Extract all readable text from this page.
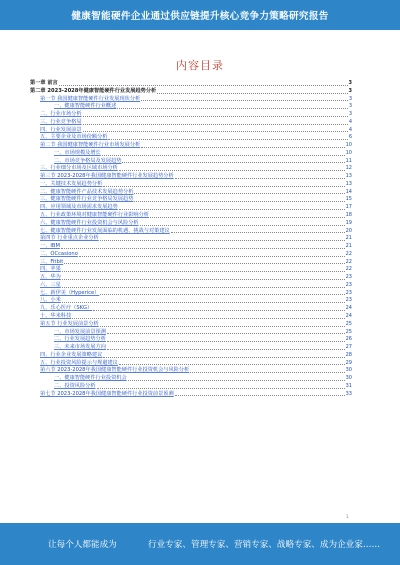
健康智能硬件企业通过供应链提升核心竞争力策略研究报告
内容目录
第一章 前言	3
第二章 2023-2028年健康智能硬件行业发展趋势分析	3
第一节 我国健康智能硬件行业发展现状分析	3
一、健康智能硬件行业概述	3
二、行业市场分析	3
三、行业竞争格局	4
四、行业发展前景	4
五、主要企业及市场份额分析	6
第二节 我国健康智能硬件行业市场发展分析	10
一、市场规模及增长	10
二、市场竞争格局及发展趋势	11
三、行业细分市场及区域市场分析	12
第三节 2023-2028年我国健康智能硬件行业发展趋势分析	13
一、关键技术发展趋势分析	13
二、健康智能硬件产品技术发展趋势分析	14
三、健康智能硬件行业竞争格局发展趋势	15
四、应用领域及市场需求发展趋势	17
五、行业政策环境对健康智能硬件行业影响分析	18
六、健康智能硬件行业投资机会与风险分析	19
七、健康智能硬件行业发展面临的机遇、挑战与对策建议	20
第四节 行业重点企业分析	21
一、IBM	21
二、OCcasiono	22
三、Fitbit	22
四、苹果	22
五、华为	23
六、三星	23
七、新伊美（Hyperice）	23
八、小米	23
九、乐心医疗（SKG）	24
十、华米科技	24
第五节 行业发展前景分析	25
一、市场发展前景预测	25
二、行业发展趋势分析	26
三、未来市场发展方向	27
四、行业企业发展策略建议	28
五、行业投资风险提示与规避建议	29
第六节 2023-2028年我国健康智能硬件行业投资机会与风险分析	30
一、健康智能硬件行业投资机会	30
二、投资风险分析	31
第七节 2023-2028年我国健康智能硬件行业投资前景预测	33
1
让每个人都能成为	行业专家、管理专家、营销专家、战略专家、成为企业家……
